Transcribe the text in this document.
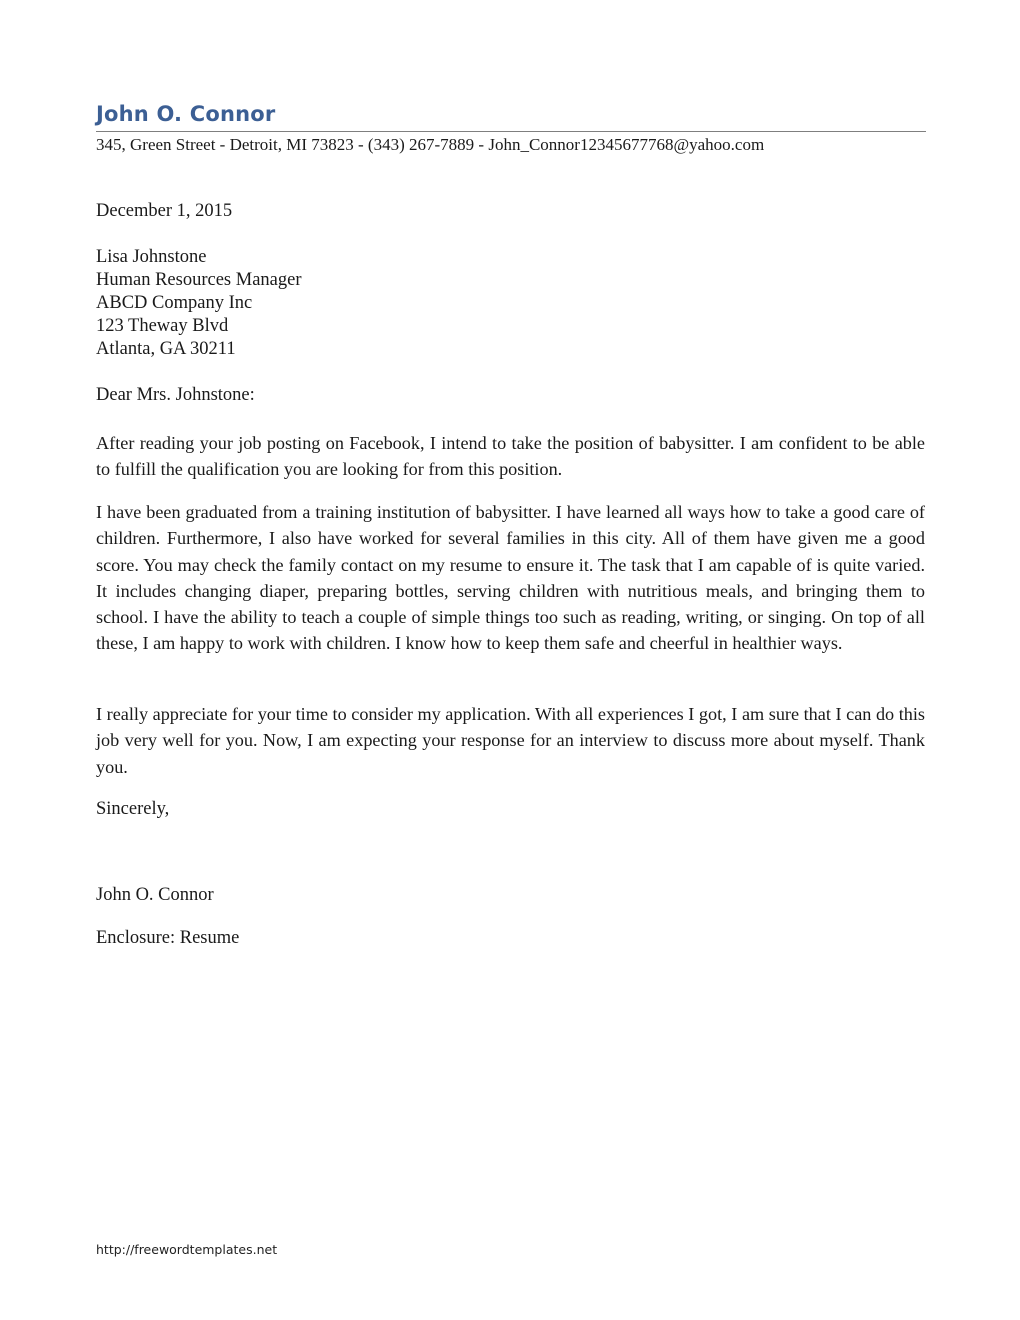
John O. Connor
345, Green Street - Detroit, MI 73823 - (343) 267-7889 - John_Connor12345677768@yahoo.com
December 1, 2015
Lisa Johnstone
Human Resources Manager
ABCD Company Inc
123 Theway Blvd
Atlanta, GA 30211
Dear Mrs. Johnstone:
After reading your job posting on Facebook, I intend to take the position of babysitter. I am confident to be able to fulfill the qualification you are looking for from this position.
I have been graduated from a training institution of babysitter. I have learned all ways how to take a good care of children. Furthermore, I also have worked for several families in this city. All of them have given me a good score. You may check the family contact on my resume to ensure it. The task that I am capable of is quite varied. It includes changing diaper, preparing bottles, serving children with nutritious meals, and bringing them to school. I have the ability to teach a couple of simple things too such as reading, writing, or singing. On top of all these, I am happy to work with children. I know how to keep them safe and cheerful in healthier ways.
I really appreciate for your time to consider my application. With all experiences I got, I am sure that I can do this job very well for you. Now, I am expecting your response for an interview to discuss more about myself. Thank you.
Sincerely,
John O. Connor
Enclosure: Resume
http://freewordtemplates.net
